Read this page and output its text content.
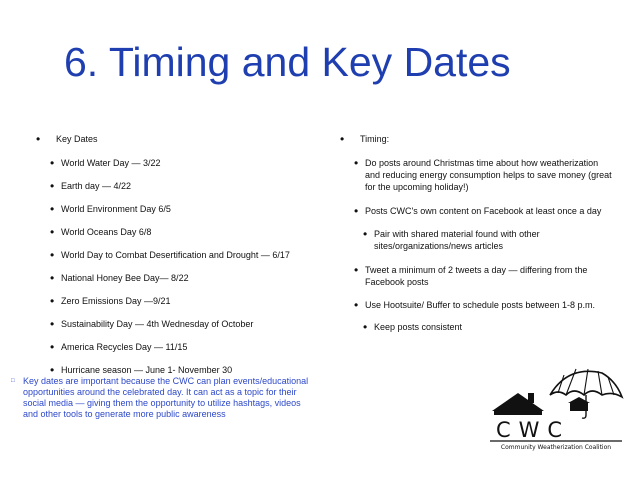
6. Timing and Key Dates
• Key Dates
• World Water Day — 3/22
• Earth day — 4/22
• World Environment Day 6/5
• World Oceans Day 6/8
• World Day to Combat Desertification and Drought — 6/17
• National Honey Bee Day— 8/22
• Zero Emissions Day —9/21
• Sustainability Day — 4th Wednesday of October
• America Recycles Day — 11/15
• Hurricane season — June 1- November 30
□ Key dates are important because the CWC can plan events/educational opportunities around the celebrated day. It can act as a topic for their social media — giving them the opportunity to utilize hashtags, videos and other tools to generate more public awareness
• Timing:
• Do posts around Christmas time about how weatherization and reducing energy consumption helps to save money (great for the upcoming holiday!)
• Posts CWC's own content on Facebook at least once a day
• Pair with shared material found with other sites/organizations/news articles
• Tweet a minimum of 2 tweets a day — differing from the Facebook posts
• Use Hootsuite/ Buffer to schedule posts between 1-8 p.m.
• Keep posts consistent
CWC
Community Weatherization Coalition
